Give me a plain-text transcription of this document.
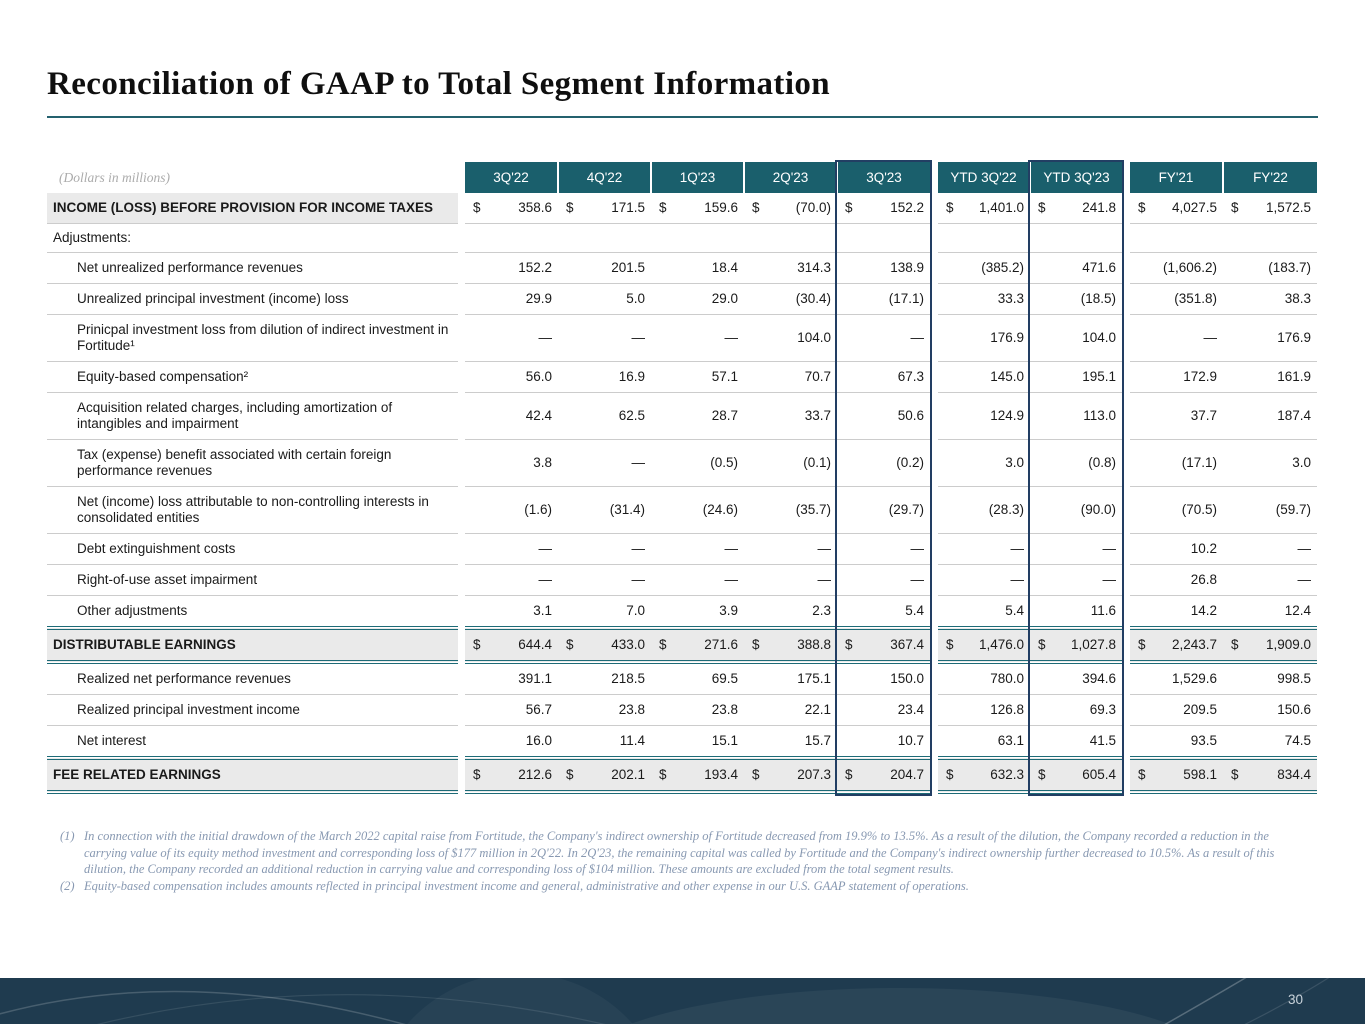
Reconciliation of GAAP to Total Segment Information
(Dollars in millions)		3Q'22	4Q'22	1Q'23	2Q'23	3Q'23		YTD 3Q'22	YTD 3Q'23		FY'21	FY'22
INCOME (LOSS) BEFORE PROVISION FOR INCOME TAXES		$ 358.6	$ 171.5	$ 159.6	$ (70.0)	$ 152.2		$ 1,401.0	$ 241.8		$ 4,027.5	$ 1,572.5

Adjustments:		

Net unrealized performance revenues		152.2	201.5	18.4	314.3	138.9		(385.2)	471.6		(1,606.2)	(183.7)

Unrealized principal investment (income) loss		29.9	5.0	29.0	(30.4)	(17.1)		33.3	(18.5)		(351.8)	38.3

Prinicpal investment loss from dilution of indirect investment in Fortitude¹		—	—	—	104.0	—		176.9	104.0		—	176.9

Equity-based compensation²		56.0	16.9	57.1	70.7	67.3		145.0	195.1		172.9	161.9

Acquisition related charges, including amortization of intangibles and impairment		42.4	62.5	28.7	33.7	50.6		124.9	113.0		37.7	187.4

Tax (expense) benefit associated with certain foreign performance revenues		3.8	—	(0.5)	(0.1)	(0.2)		3.0	(0.8)		(17.1)	3.0

Net (income) loss attributable to non-controlling interests in consolidated entities		(1.6)	(31.4)	(24.6)	(35.7)	(29.7)		(28.3)	(90.0)		(70.5)	(59.7)

Debt extinguishment costs		—	—	—	—	—		—	—		10.2	—

Right-of-use asset impairment		—	—	—	—	—		—	—		26.8	—

Other adjustments		3.1	7.0	3.9	2.3	5.4		5.4	11.6		14.2	12.4

DISTRIBUTABLE EARNINGS		$ 644.4	$ 433.0	$ 271.6	$ 388.8	$ 367.4		$ 1,476.0	$ 1,027.8		$ 2,243.7	$ 1,909.0

Realized net performance revenues		391.1	218.5	69.5	175.1	150.0		780.0	394.6		1,529.6	998.5

Realized principal investment income		56.7	23.8	23.8	22.1	23.4		126.8	69.3		209.5	150.6

Net interest		16.0	11.4	15.1	15.7	10.7		63.1	41.5		93.5	74.5

FEE RELATED EARNINGS		$ 212.6	$ 202.1	$ 193.4	$ 207.3	$ 204.7		$ 632.3	$ 605.4		$ 598.1	$ 834.4
(1) In connection with the initial drawdown of the March 2022 capital raise from Fortitude, the Company's indirect ownership of Fortitude decreased from 19.9% to 13.5%. As a result of the dilution, the Company recorded a reduction in the carrying value of its equity method investment and corresponding loss of $177 million in 2Q'22. In 2Q'23, the remaining capital was called by Fortitude and the Company's indirect ownership further decreased to 10.5%. As a result of this dilution, the Company recorded an additional reduction in carrying value and corresponding loss of $104 million. These amounts are excluded from the total segment results.
(2) Equity-based compensation includes amounts reflected in principal investment income and general, administrative and other expense in our U.S. GAAP statement of operations.
30
